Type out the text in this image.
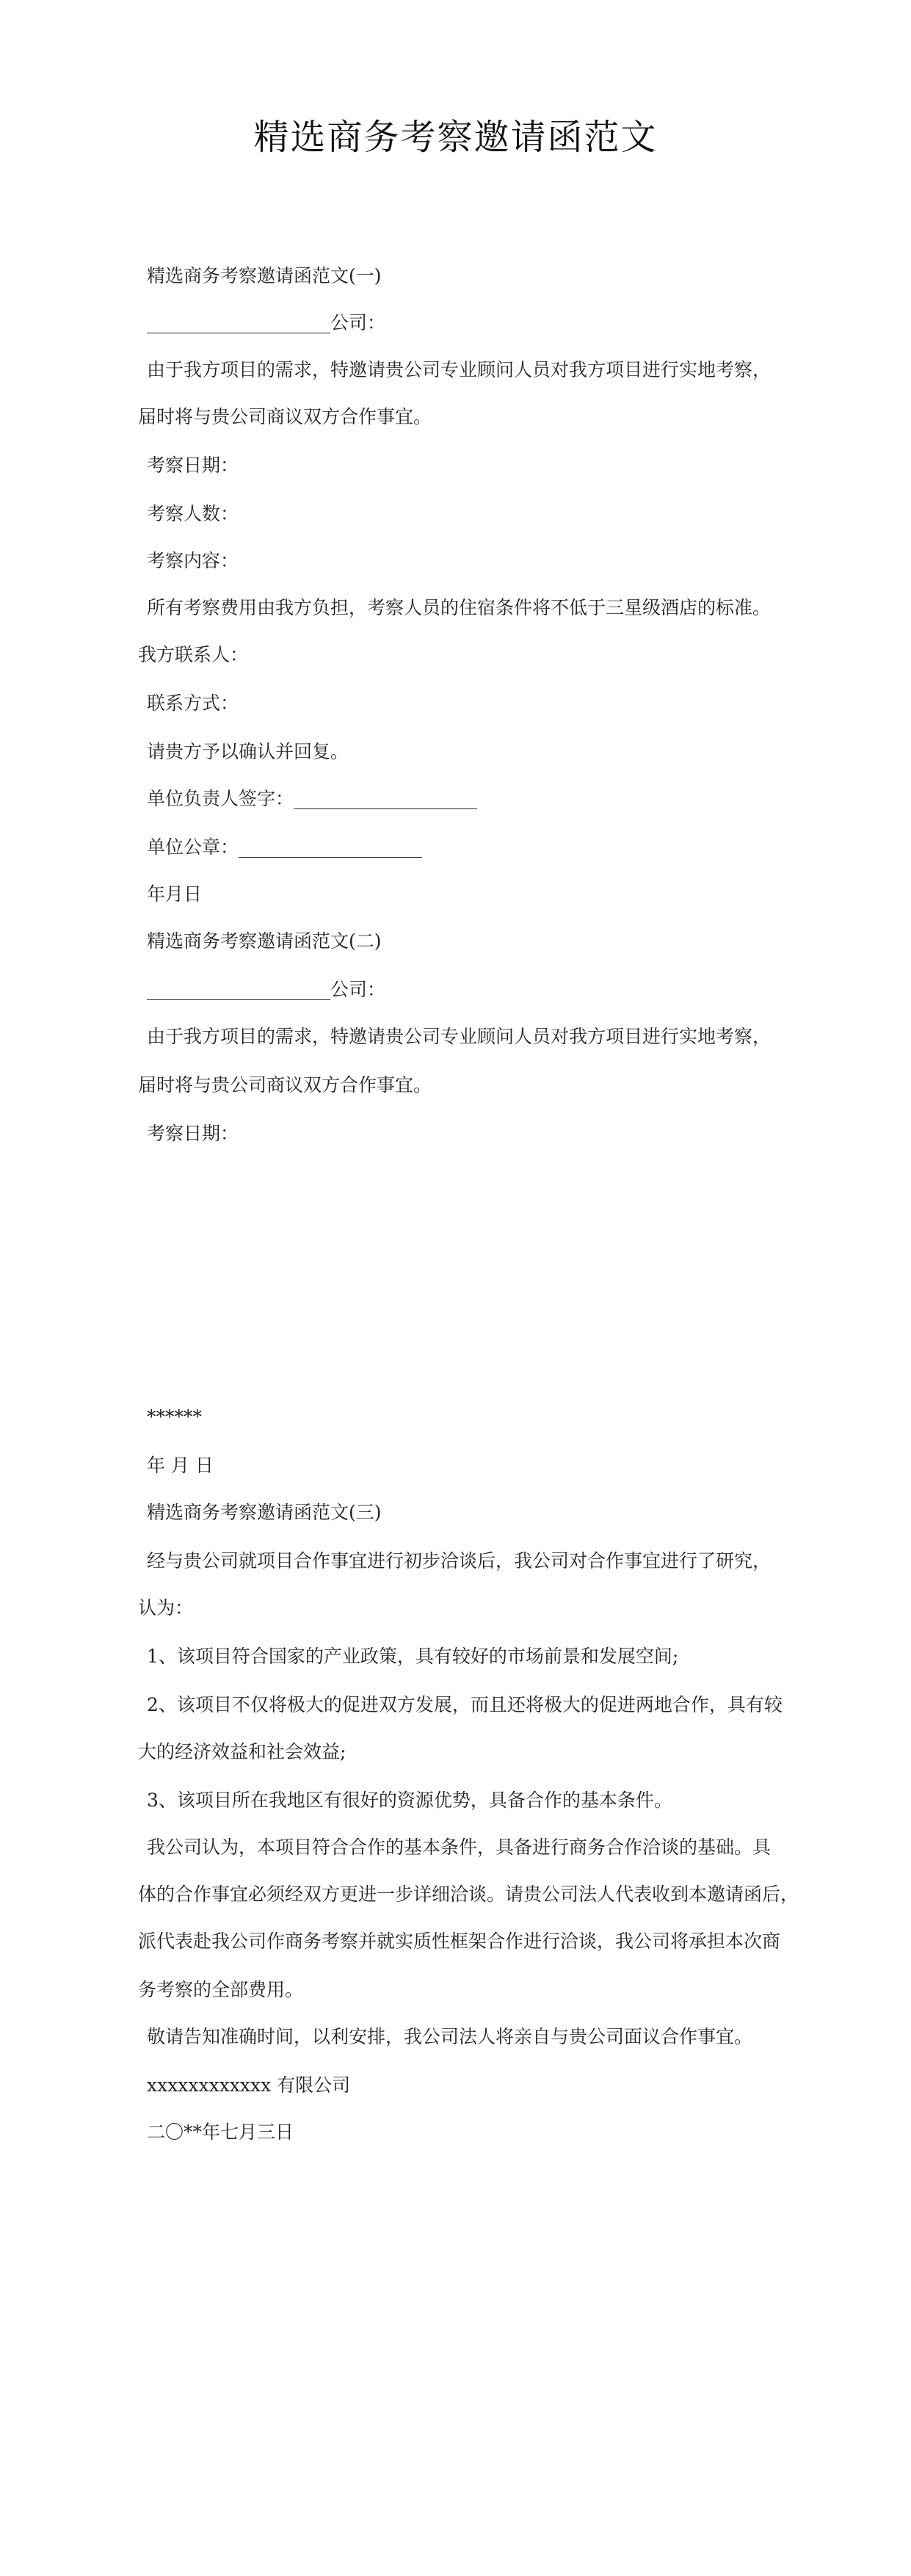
精选商务考察邀请函范文
精选商务考察邀请函范文(一)
____________________公司：
由于我方项目的需求，特邀请贵公司专业顾问人员对我方项目进行实地考察，
届时将与贵公司商议双方合作事宜。
考察日期：
考察人数：
考察内容：
所有考察费用由我方负担，考察人员的住宿条件将不低于三星级酒店的标准。
我方联系人：
联系方式：
请贵方予以确认并回复。
单位负责人签字：____________________
单位公章：____________________
年月日
精选商务考察邀请函范文(二)
____________________公司：
由于我方项目的需求，特邀请贵公司专业顾问人员对我方项目进行实地考察，
届时将与贵公司商议双方合作事宜。
考察日期：
******
年 月 日
精选商务考察邀请函范文(三)
经与贵公司就项目合作事宜进行初步洽谈后，我公司对合作事宜进行了研究，
认为：
1、该项目符合国家的产业政策，具有较好的市场前景和发展空间;
2、该项目不仅将极大的促进双方发展，而且还将极大的促进两地合作，具有较
大的经济效益和社会效益;
3、该项目所在我地区有很好的资源优势，具备合作的基本条件。
我公司认为，本项目符合合作的基本条件，具备进行商务合作洽谈的基础。具
体的合作事宜必须经双方更进一步详细洽谈。请贵公司法人代表收到本邀请函后，
派代表赴我公司作商务考察并就实质性框架合作进行洽谈，我公司将承担本次商
务考察的全部费用。
敬请告知准确时间，以利安排，我公司法人将亲自与贵公司面议合作事宜。
xxxxxxxxxxxx 有限公司
二〇**年七月三日
